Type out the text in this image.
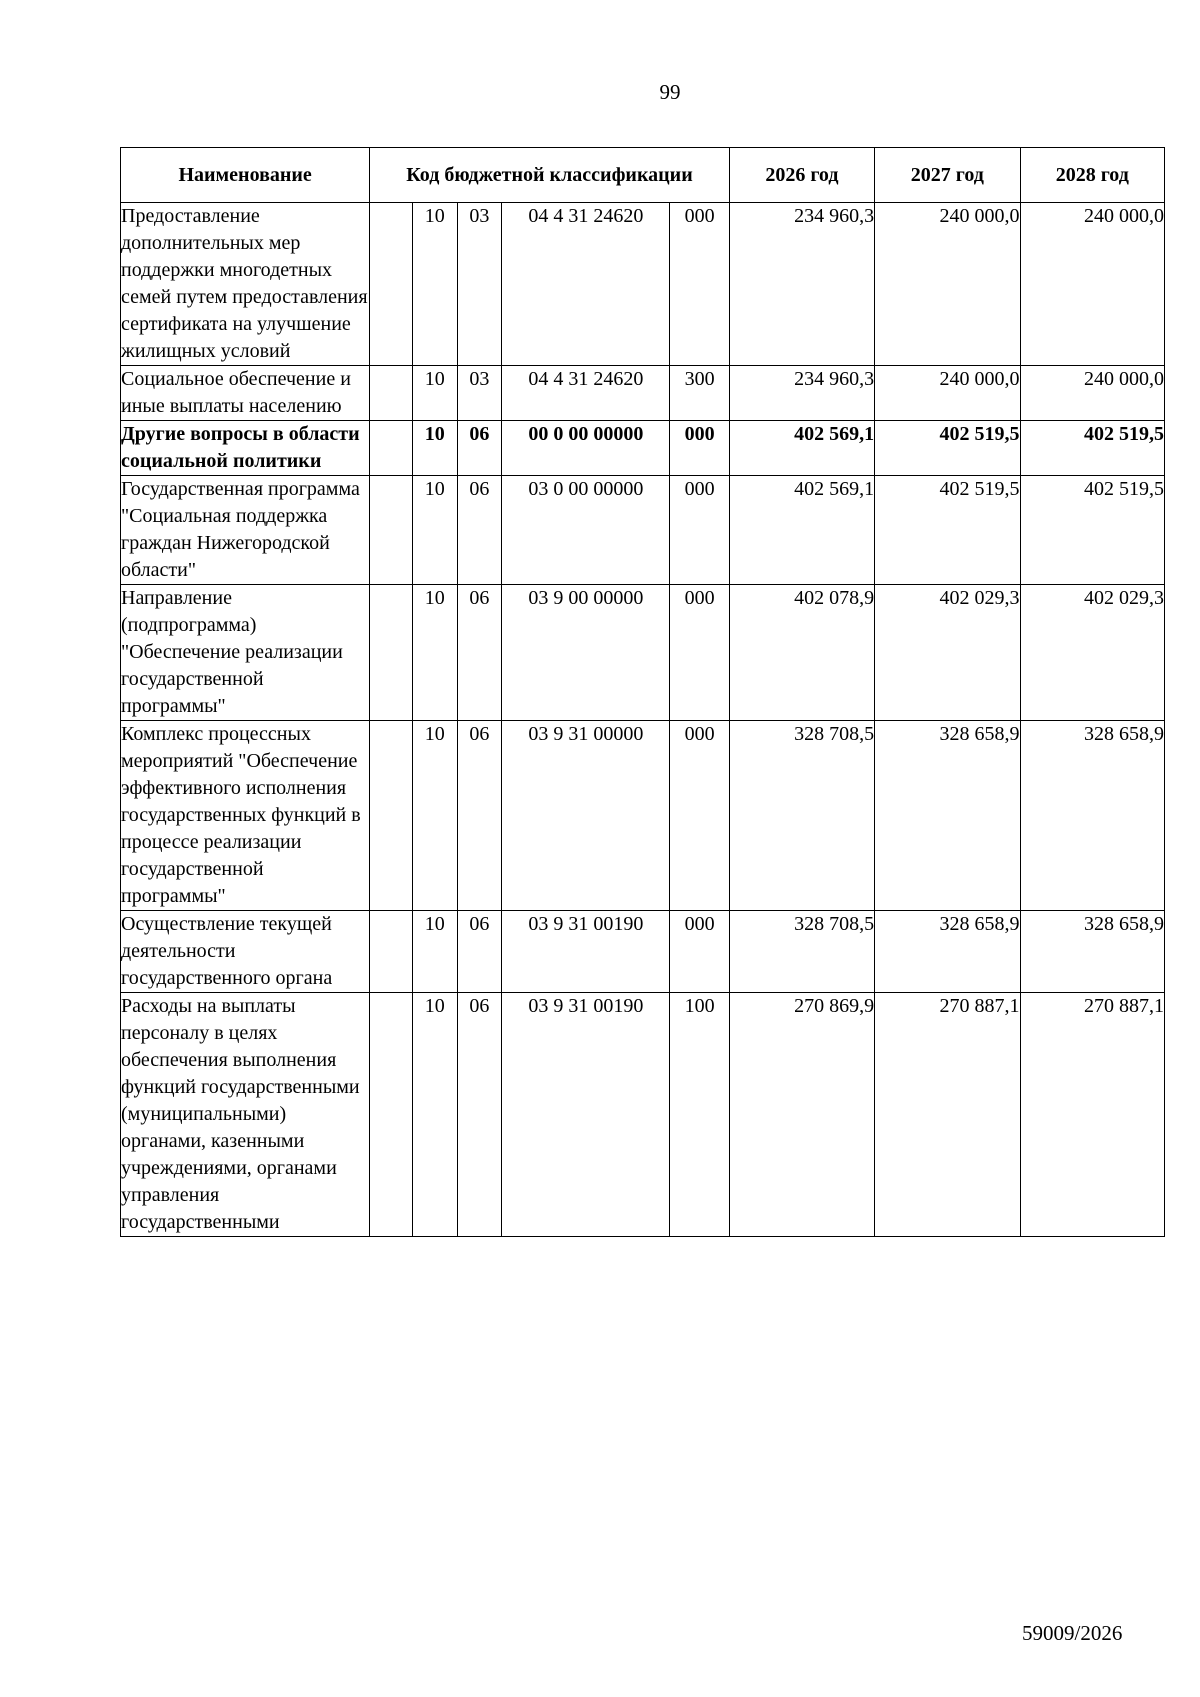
99
Наименование	Код бюджетной классификации					2026 год	2027 год	2028 год
Предоставление дополнительных мер поддержки многодетных семей путем предоставления сертификата на улучшение жилищных условий		10	03	04 4 31 24620	000	234 960,3	240 000,0	240 000,0
Социальное обеспечение и иные выплаты населению		10	03	04 4 31 24620	300	234 960,3	240 000,0	240 000,0
Другие вопросы в области социальной политики		10	06	00 0 00 00000	000	402 569,1	402 519,5	402 519,5
Государственная программа "Социальная поддержка граждан Нижегородской области"		10	06	03 0 00 00000	000	402 569,1	402 519,5	402 519,5
Направление (подпрограмма) "Обеспечение реализации государственной программы"		10	06	03 9 00 00000	000	402 078,9	402 029,3	402 029,3
Комплекс процессных мероприятий "Обеспечение эффективного исполнения государственных функций в процессе реализации государственной программы"		10	06	03 9 31 00000	000	328 708,5	328 658,9	328 658,9
Осуществление текущей деятельности государственного органа		10	06	03 9 31 00190	000	328 708,5	328 658,9	328 658,9
Расходы на выплаты персоналу в целях обеспечения выполнения функций государственными (муниципальными) органами, казенными учреждениями, органами управления государственными		10	06	03 9 31 00190	100	270 869,9	270 887,1	270 887,1
59009/2026
